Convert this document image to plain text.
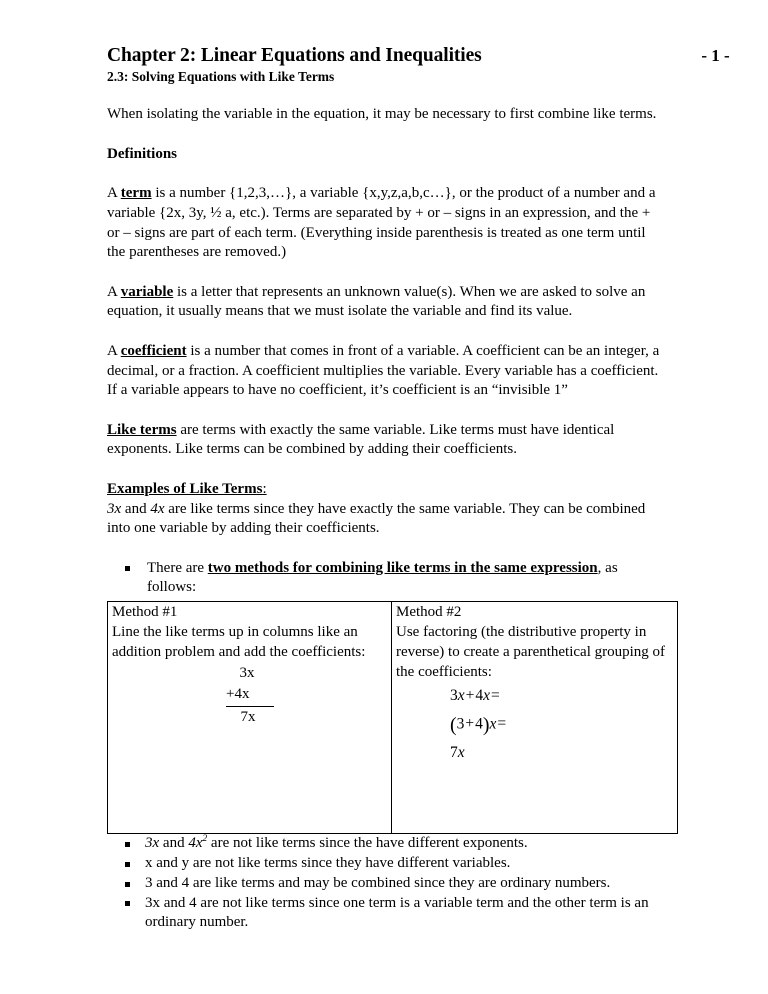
Chapter 2: Linear Equations and Inequalities
2.3: Solving Equations with Like Terms
- 1 -

When isolating the variable in the equation, it may be necessary to first combine like terms.

Definitions

A term is a number {1,2,3,…}, a variable {x,y,z,a,b,c…}, or the product of a number and a variable {2x, 3y, ½ a, etc.). Terms are separated by + or – signs in an expression, and the + or – signs are part of each term. (Everything inside parenthesis is treated as one term until the parentheses are removed.)

A variable is a letter that represents an unknown value(s). When we are asked to solve an equation, it usually means that we must isolate the variable and find its value.

A coefficient is a number that comes in front of a variable. A coefficient can be an integer, a decimal, or a fraction. A coefficient multiplies the variable. Every variable has a coefficient. If a variable appears to have no coefficient, it’s coefficient is an “invisible 1”

Like terms are terms with exactly the same variable. Like terms must have identical exponents. Like terms can be combined by adding their coefficients.

Examples of Like Terms:

3x and 4x are like terms since they have exactly the same variable. They can be combined into one variable by adding their coefficients.

There are two methods for combining like terms in the same expression, as follows:
Method #1
Line the like terms up in columns like an addition problem and add the coefficients:
3x
+4x
7x

Method #2
Use factoring (the distributive property in reverse) to create a parenthetical grouping of the coefficients:
3x+4x=
(3+4)x=
7x
3x and $4x^2$ are not like terms since the have different exponents.
x and y are not like terms since they have different variables.
3 and 4 are like terms and may be combined since they are ordinary numbers.
3x and 4 are not like terms since one term is a variable term and the other term is an ordinary number.
